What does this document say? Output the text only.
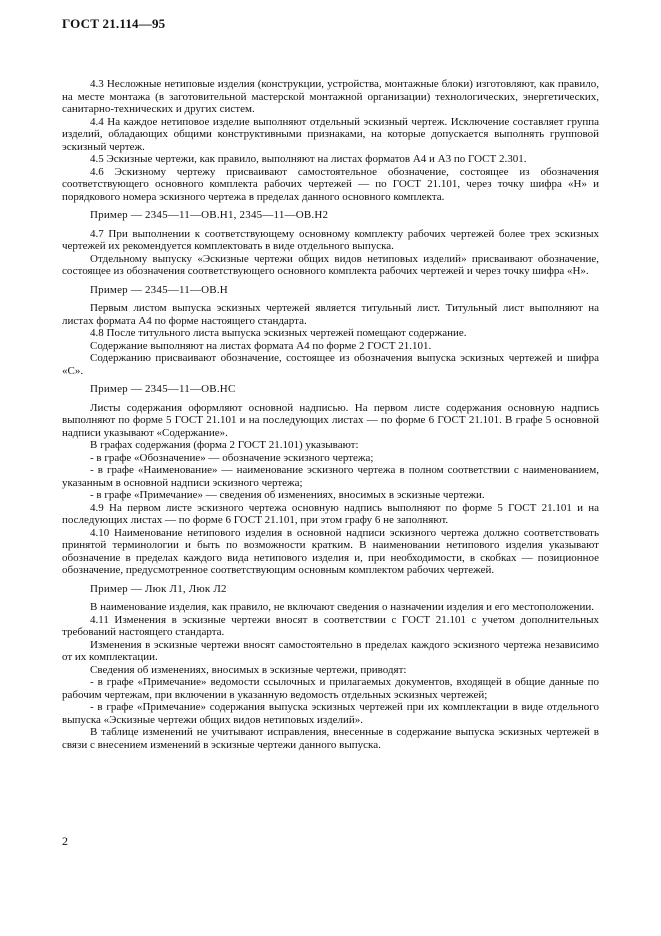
ГОСТ 21.114—95

4.3 Несложные нетиповые изделия (конструкции, устройства, монтажные блоки) изготовляют, как правило, на месте монтажа (в заготовительной мастерской монтажной организации) технологических, энергетических, санитарно-технических и других систем.

4.4 На каждое нетиповое изделие выполняют отдельный эскизный чертеж. Исключение составляет группа изделий, обладающих общими конструктивными признаками, на которые допускается выполнять групповой эскизный чертеж.

4.5 Эскизные чертежи, как правило, выполняют на листах форматов А4 и А3 по ГОСТ 2.301.

4.6 Эскизному чертежу присваивают самостоятельное обозначение, состоящее из обозначения соответствующего основного комплекта рабочих чертежей — по ГОСТ 21.101, через точку шифра «Н» и порядкового номера эскизного чертежа в пределах данного основного комплекта.

Пример — 2345—11—ОВ.Н1, 2345—11—ОВ.Н2

4.7 При выполнении к соответствующему основному комплекту рабочих чертежей более трех эскизных чертежей их рекомендуется комплектовать в виде отдельного выпуска.

Отдельному выпуску «Эскизные чертежи общих видов нетиповых изделий» присваивают обозначение, состоящее из обозначения соответствующего основного комплекта рабочих чертежей и через точку шифра «Н».

Пример — 2345—11—ОВ.Н

Первым листом выпуска эскизных чертежей является титульный лист. Титульный лист выполняют на листах формата А4 по форме настоящего стандарта.

4.8 После титульного листа выпуска эскизных чертежей помещают содержание.

Содержание выполняют на листах формата А4 по форме 2 ГОСТ 21.101.

Содержанию присваивают обозначение, состоящее из обозначения выпуска эскизных чертежей и шифра «С».

Пример — 2345—11—ОВ.НС

Листы содержания оформляют основной надписью. На первом листе содержания основную надпись выполняют по форме 5 ГОСТ 21.101 и на последующих листах — по форме 6 ГОСТ 21.101. В графе 5 основной надписи указывают «Содержание».

В графах содержания (форма 2 ГОСТ 21.101) указывают:

- в графе «Обозначение» — обозначение эскизного чертежа;

- в графе «Наименование» — наименование эскизного чертежа в полном соответствии с наименованием, указанным в основной надписи эскизного чертежа;

- в графе «Примечание» — сведения об изменениях, вносимых в эскизные чертежи.

4.9 На первом листе эскизного чертежа основную надпись выполняют по форме 5 ГОСТ 21.101 и на последующих листах — по форме 6 ГОСТ 21.101, при этом графу 6 не заполняют.

4.10 Наименование нетипового изделия в основной надписи эскизного чертежа должно соответствовать принятой терминологии и быть по возможности кратким. В наименовании нетипового изделия указывают обозначение в пределах каждого вида нетипового изделия и, при необходимости, в скобках — позиционное обозначение, предусмотренное соответствующим основным комплектом рабочих чертежей.

Пример — Люк Л1, Люк Л2

В наименование изделия, как правило, не включают сведения о назначении изделия и его местоположении.

4.11 Изменения в эскизные чертежи вносят в соответствии с ГОСТ 21.101 с учетом дополнительных требований настоящего стандарта.

Изменения в эскизные чертежи вносят самостоятельно в пределах каждого эскизного чертежа независимо от их комплектации.

Сведения об изменениях, вносимых в эскизные чертежи, приводят:

- в графе «Примечание» ведомости ссылочных и прилагаемых документов, входящей в общие данные по рабочим чертежам, при включении в указанную ведомость отдельных эскизных чертежей;

- в графе «Примечание» содержания выпуска эскизных чертежей при их комплектации в виде отдельного выпуска «Эскизные чертежи общих видов нетиповых изделий».

В таблице изменений не учитывают исправления, внесенные в содержание выпуска эскизных чертежей в связи с внесением изменений в эскизные чертежи данного выпуска.

2
